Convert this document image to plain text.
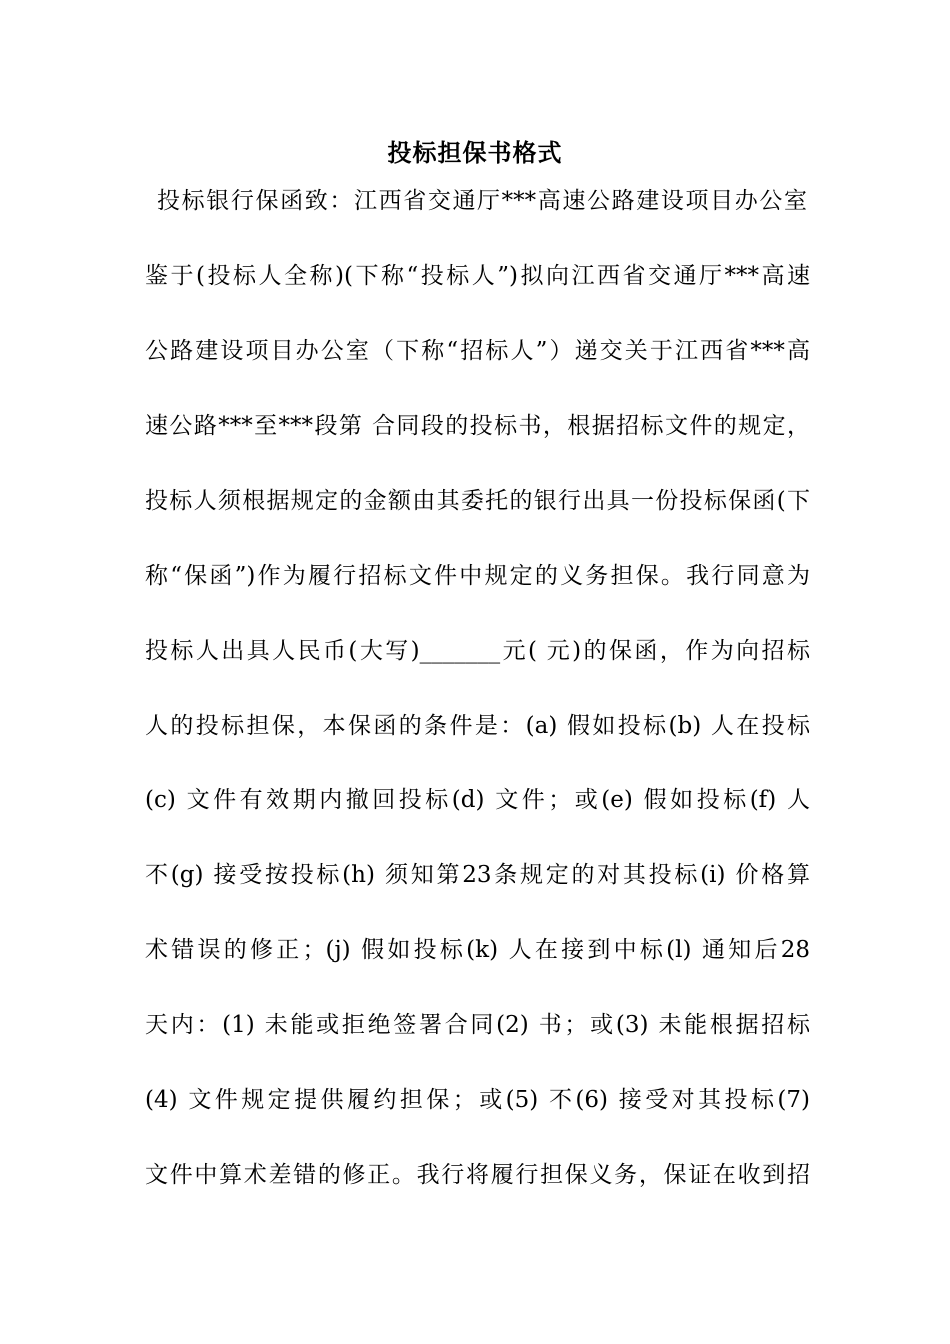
投标担保书格式
投标银行保函致：江西省交通厅***高速公路建设项目办公室
鉴于(投标人全称)(下称“投标人”)拟向江西省交通厅***高速
公路建设项目办公室（下称“招标人”）递交关于江西省***高
速公路***至***段第 合同段的投标书，根据招标文件的规定，
投标人须根据规定的金额由其委托的银行出具一份投标保函(下
称“保函”)作为履行招标文件中规定的义务担保。我行同意为
投标人出具人民币(大写)_______元( 元)的保函，作为向招标
人的投标担保，本保函的条件是：(a) 假如投标(b) 人在投标
(c) 文件有效期内撤回投标(d) 文件；或(e) 假如投标(f) 人
不(g) 接受按投标(h) 须知第23条规定的对其投标(i) 价格算
术错误的修正；(j) 假如投标(k) 人在接到中标(l) 通知后28
天内：(1) 未能或拒绝签署合同(2) 书；或(3) 未能根据招标
(4) 文件规定提供履约担保；或(5) 不(6) 接受对其投标(7)
文件中算术差错的修正。我行将履行担保义务，保证在收到招
